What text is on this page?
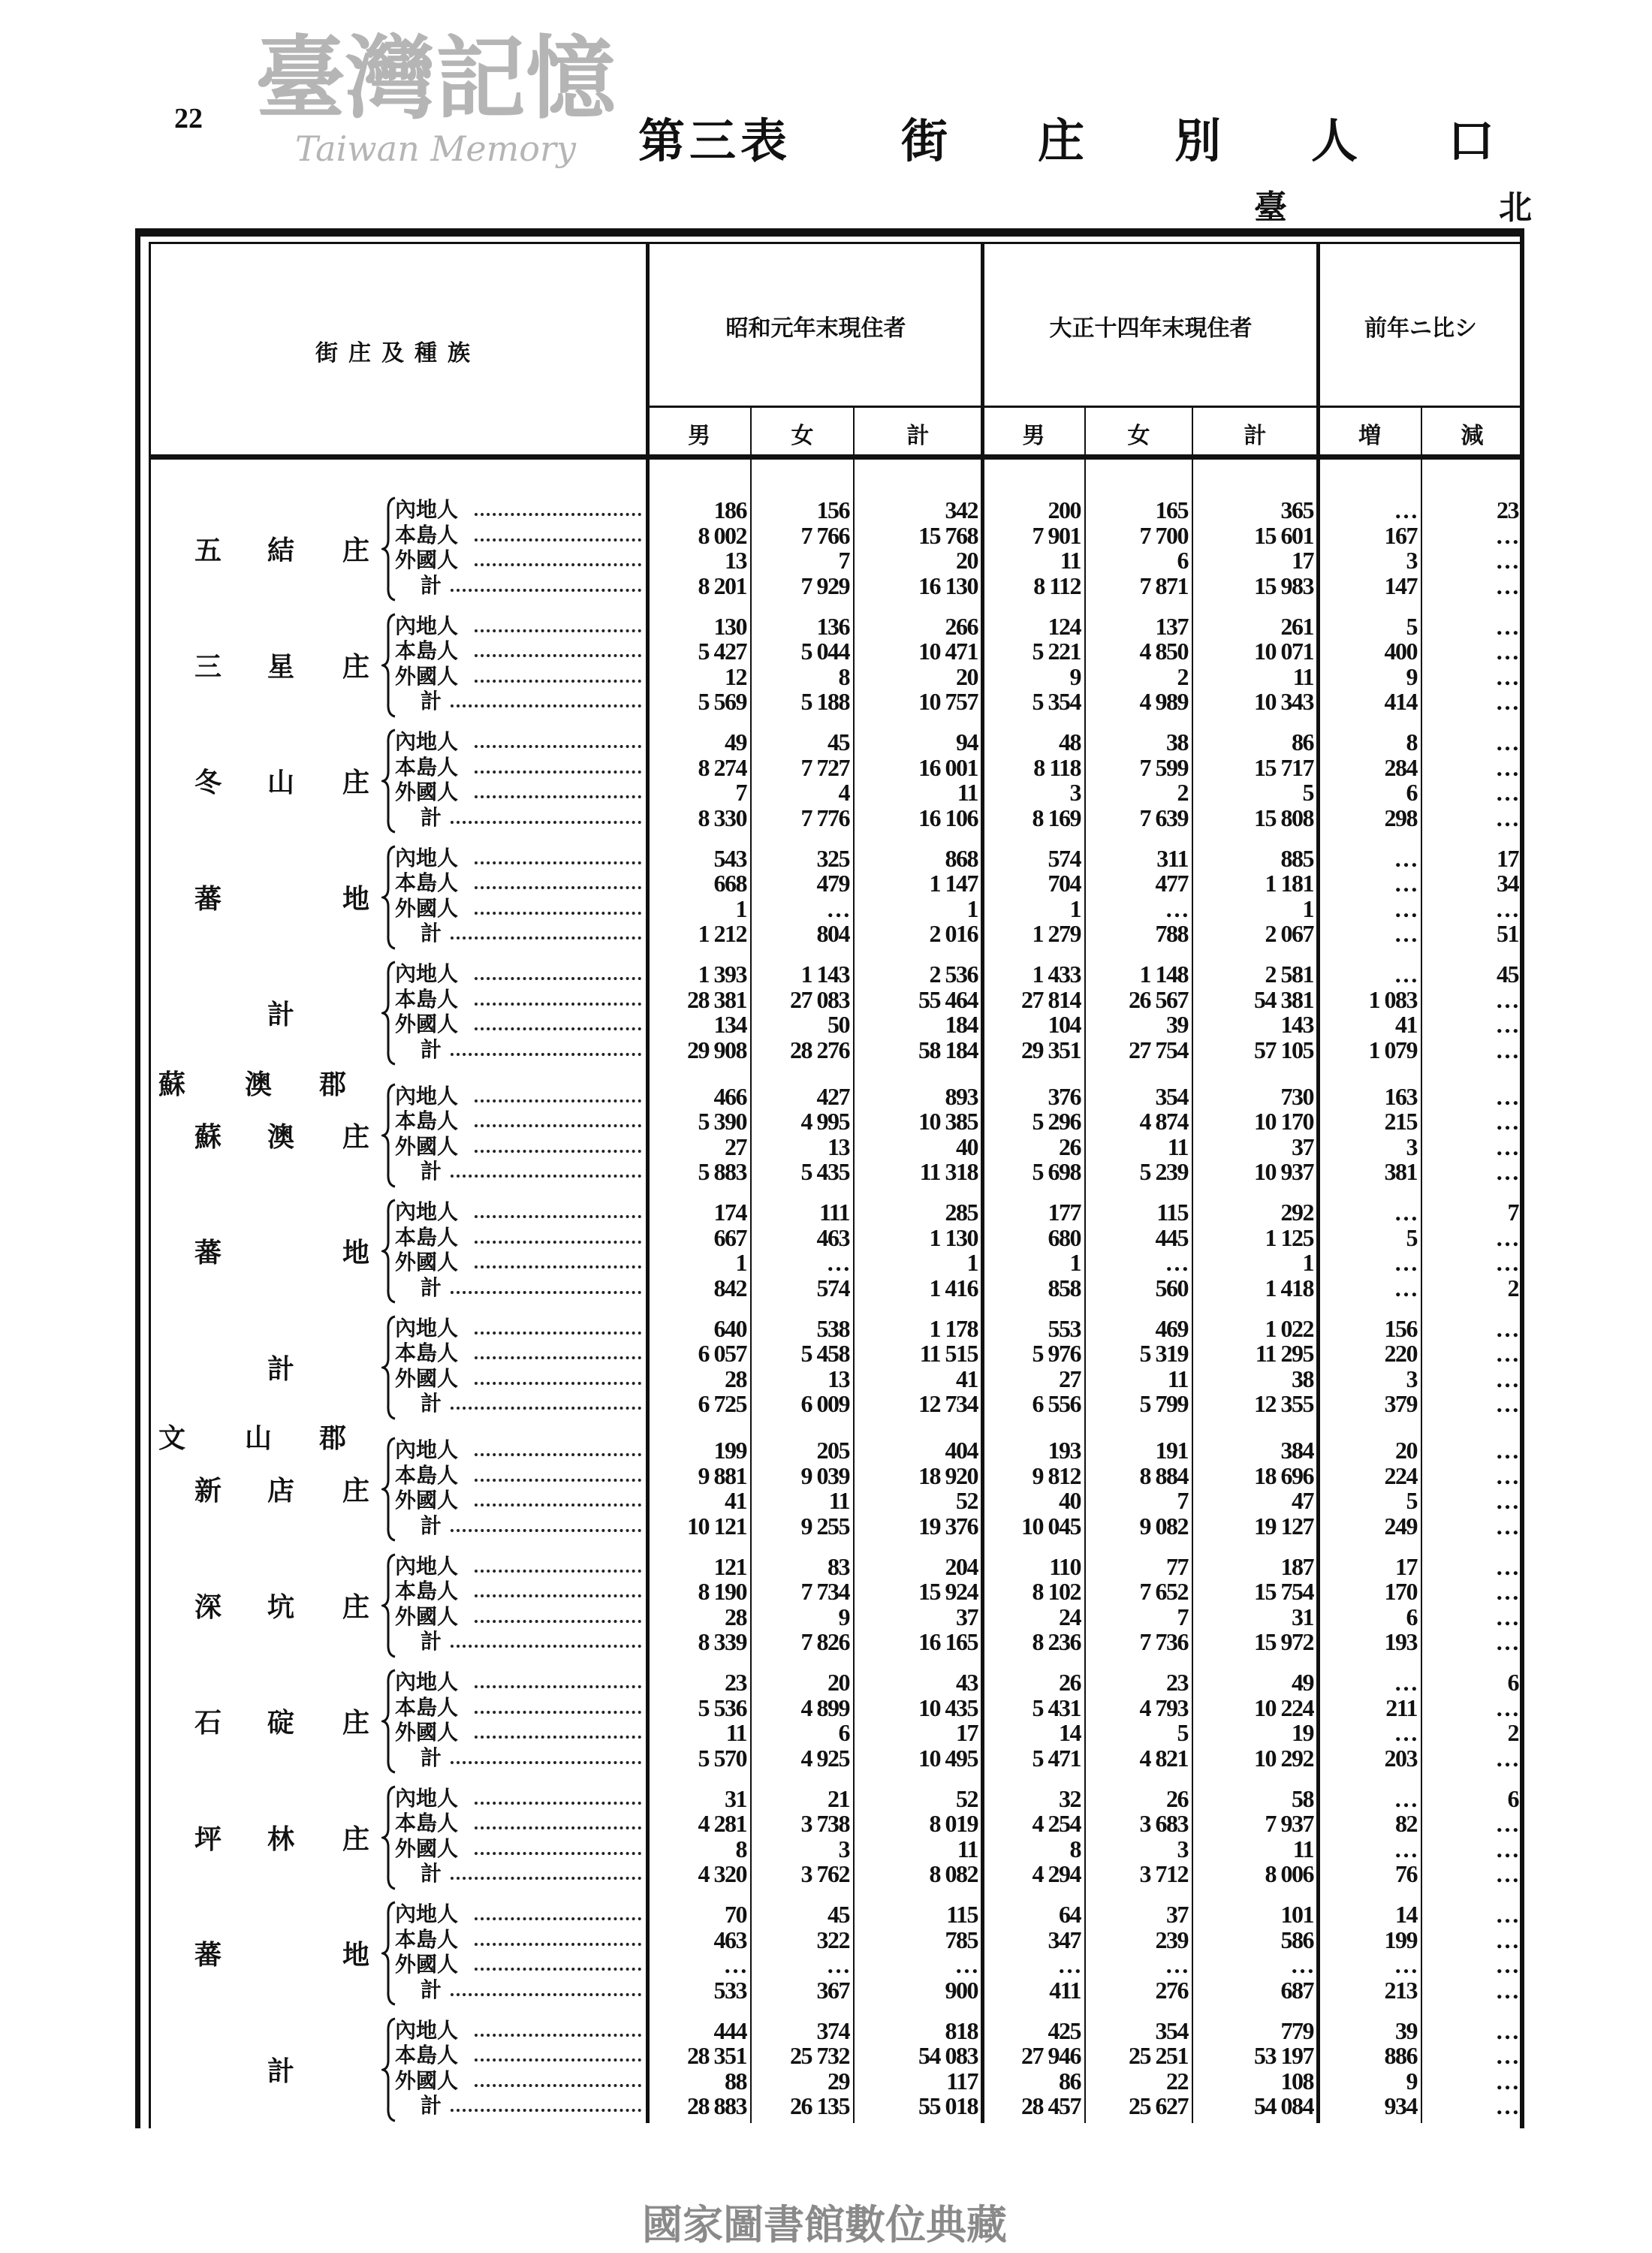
22	第三表 街 庄 別 人 口
臺	北
街庄及種族
昭和元年末現住者	大正十四年末現住者	前年ニ比シ
男	女	計	男	女	計	増	減
五 結 庄
內地人	186	156	342	200	165	365	…	23
本島人	8 002	7 766	15 768	7 901	7 700	15 601	167	…
外國人	13	7	20	11	6	17	3	…
計	8 201	7 929	16 130	8 112	7 871	15 983	147	…
三 星 庄
內地人	130	136	266	124	137	261	5	…
本島人	5 427	5 044	10 471	5 221	4 850	10 071	400	…
外國人	12	8	20	9	2	11	9	…
計	5 569	5 188	10 757	5 354	4 989	10 343	414	…
冬 山 庄
內地人	49	45	94	48	38	86	8	…
本島人	8 274	7 727	16 001	8 118	7 599	15 717	284	…
外國人	7	4	11	3	2	5	6	…
計	8 330	7 776	16 106	8 169	7 639	15 808	298	…
蕃	地
內地人	543	325	868	574	311	885	…	17
本島人	668	479	1 147	704	477	1 181	…	34
外國人	1	…	1	1	…	1	…	…
計	1 212	804	2 016	1 279	788	2 067	…	51
計
內地人	1 393	1 143	2 536	1 433	1 148	2 581	…	45
本島人	28 381	27 083	55 464	27 814	26 567	54 381	1 083	…
外國人	134	50	184	104	39	143	41	…
計	29 908	28 276	58 184	29 351	27 754	57 105	1 079	…
蘇 澳 郡
蘇 澳 庄
內地人	466	427	893	376	354	730	163	…
本島人	5 390	4 995	10 385	5 296	4 874	10 170	215	…
外國人	27	13	40	26	11	37	3	…
計	5 883	5 435	11 318	5 698	5 239	10 937	381	…
蕃	地
內地人	174	111	285	177	115	292	…	7
本島人	667	463	1 130	680	445	1 125	5	…
外國人	1	…	1	1	…	1	…	…
計	842	574	1 416	858	560	1 418	…	2
計
內地人	640	538	1 178	553	469	1 022	156	…
本島人	6 057	5 458	11 515	5 976	5 319	11 295	220	…
外國人	28	13	41	27	11	38	3	…
計	6 725	6 009	12 734	6 556	5 799	12 355	379	…
文 山 郡
新 店 庄
內地人	199	205	404	193	191	384	20	…
本島人	9 881	9 039	18 920	9 812	8 884	18 696	224	…
外國人	41	11	52	40	7	47	5	…
計	10 121	9 255	19 376	10 045	9 082	19 127	249	…
深 坑 庄
內地人	121	83	204	110	77	187	17	…
本島人	8 190	7 734	15 924	8 102	7 652	15 754	170	…
外國人	28	9	37	24	7	31	6	…
計	8 339	7 826	16 165	8 236	7 736	15 972	193	…
石 碇 庄
內地人	23	20	43	26	23	49	…	6
本島人	5 536	4 899	10 435	5 431	4 793	10 224	211	…
外國人	11	6	17	14	5	19	…	2
計	5 570	4 925	10 495	5 471	4 821	10 292	203	…
坪 林 庄
內地人	31	21	52	32	26	58	…	6
本島人	4 281	3 738	8 019	4 254	3 683	7 937	82	…
外國人	8	3	11	8	3	11	…	…
計	4 320	3 762	8 082	4 294	3 712	8 006	76	…
蕃	地
內地人	70	45	115	64	37	101	14	…
本島人	463	322	785	347	239	586	199	…
外國人	…	…	…	…	…	…	…	…
計	533	367	900	411	276	687	213	…
計
內地人	444	374	818	425	354	779	39	…
本島人	28 351	25 732	54 083	27 946	25 251	53 197	886	…
外國人	88	29	117	86	22	108	9	…
計	28 883	26 135	55 018	28 457	25 627	54 084	934	…
臺灣記憶
Taiwan Memory
國家圖書館數位典藏
